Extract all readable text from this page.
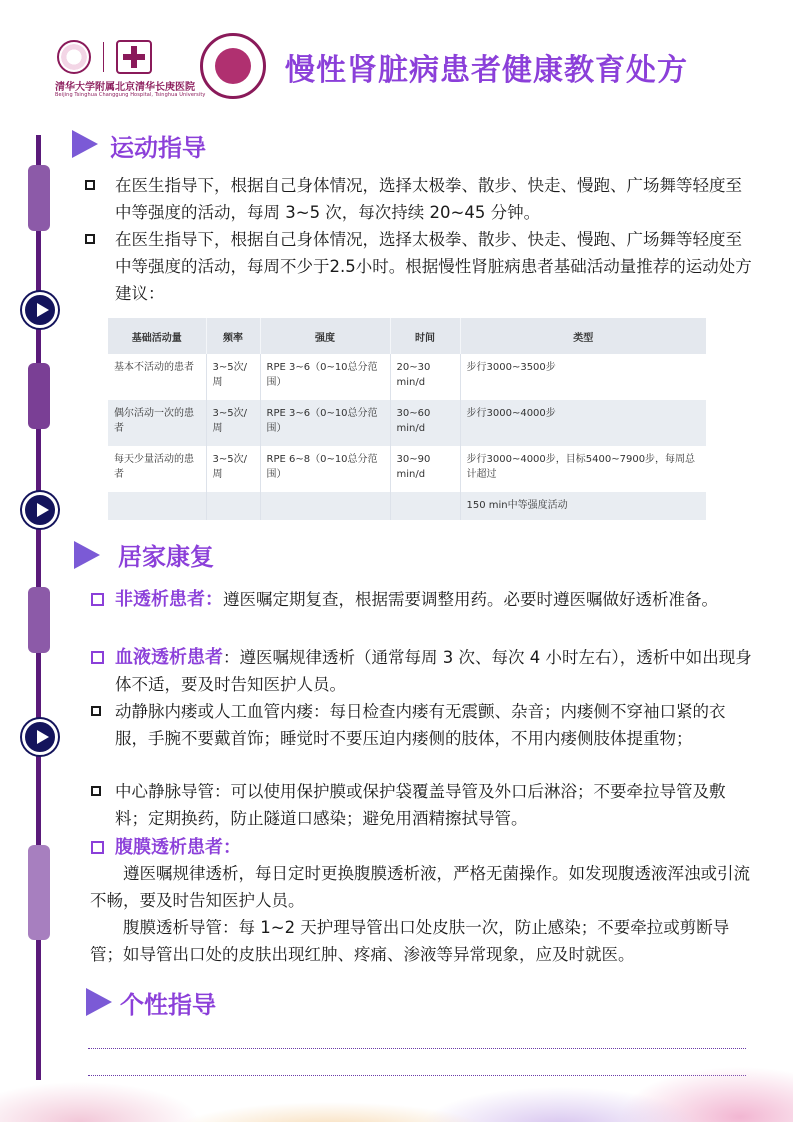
清华大学附属北京清华长庚医院
Beijing Tsinghua Changgung Hospital, Tsinghua University
慢性肾脏病患者健康教育处方
运动指导
在医生指导下，根据自己身体情况，选择太极拳、散步、快走、慢跑、广场舞等轻度至中等强度的活动，每周 3~5 次，每次持续 20~45 分钟。
在医生指导下，根据自己身体情况，选择太极拳、散步、快走、慢跑、广场舞等轻度至中等强度的活动，每周不少于2.5小时。根据慢性肾脏病患者基础活动量推荐的运动处方建议：
基础活动量	频率	强度	时间	类型
基本不活动的患者	3~5次/周	RPE 3~6（0~10总分范围）	20~30 min/d	步行3000~3500步
偶尔活动一次的患者	3~5次/周	RPE 3~6（0~10总分范围）	30~60 min/d	步行3000~4000步
每天少量活动的患者	3~5次/周	RPE 6~8（0~10总分范围）	30~90 min/d	步行3000~4000步，目标5400~7900步，每周总计超过
				150 min中等强度活动
居家康复
非透析患者：遵医嘱定期复查，根据需要调整用药。必要时遵医嘱做好透析准备。
血液透析患者：遵医嘱规律透析（通常每周 3 次、每次 4 小时左右），透析中如出现身体不适，要及时告知医护人员。
动静脉内瘘或人工血管内瘘：每日检查内瘘有无震颤、杂音；内瘘侧不穿袖口紧的衣服，手腕不要戴首饰；睡觉时不要压迫内瘘侧的肢体，不用内瘘侧肢体提重物；
中心静脉导管：可以使用保护膜或保护袋覆盖导管及外口后淋浴；不要牵拉导管及敷料；定期换药，防止隧道口感染；避免用酒精擦拭导管。
腹膜透析患者：

遵医嘱规律透析，每日定时更换腹膜透析液，严格无菌操作。如发现腹透液浑浊或引流不畅，要及时告知医护人员。

腹膜透析导管：每 1~2 天护理导管出口处皮肤一次，防止感染；不要牵拉或剪断导管；如导管出口处的皮肤出现红肿、疼痛、渗液等异常现象，应及时就医。

个性指导
